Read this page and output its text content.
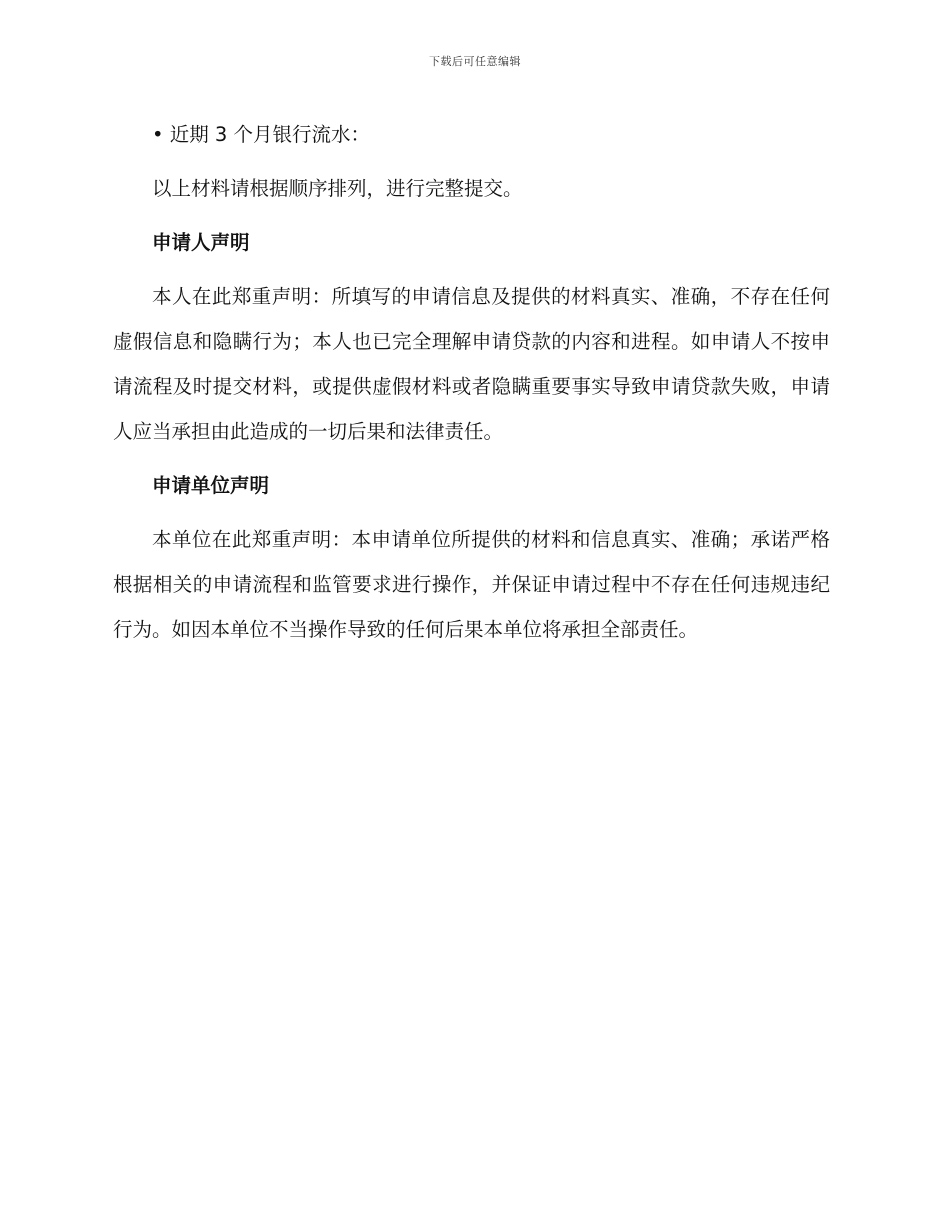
下载后可任意编辑

• 近期 3 个月银行流水：

以上材料请根据顺序排列，进行完整提交。

申请人声明

本人在此郑重声明：所填写的申请信息及提供的材料真实、准确，不存在任何虚假信息和隐瞒行为；本人也已完全理解申请贷款的内容和进程。如申请人不按申请流程及时提交材料，或提供虚假材料或者隐瞒重要事实导致申请贷款失败，申请人应当承担由此造成的一切后果和法律责任。

申请单位声明

本单位在此郑重声明：本申请单位所提供的材料和信息真实、准确；承诺严格根据相关的申请流程和监管要求进行操作，并保证申请过程中不存在任何违规违纪行为。如因本单位不当操作导致的任何后果本单位将承担全部责任。
